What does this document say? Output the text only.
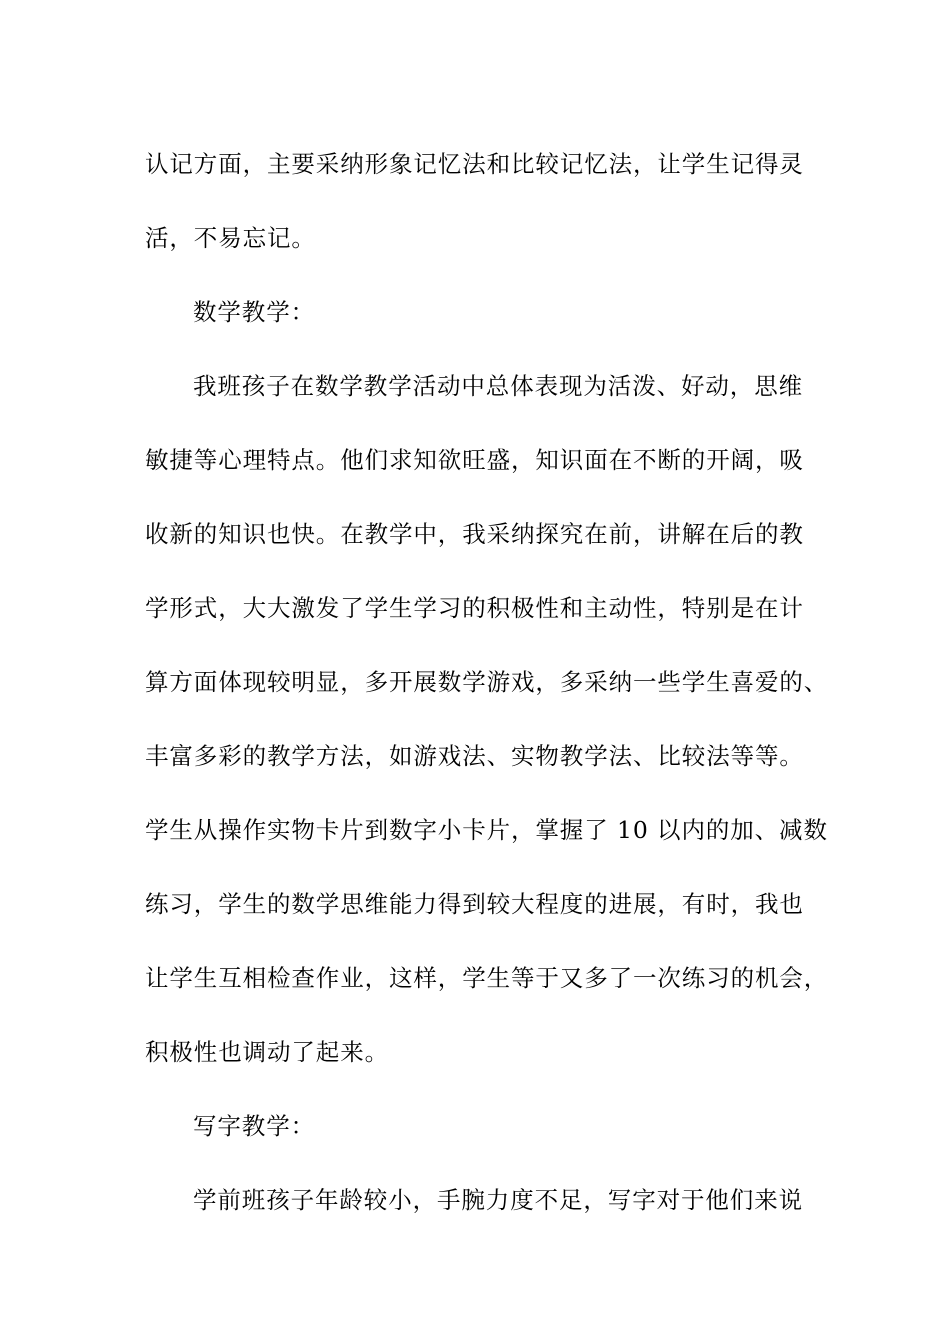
认记方面，主要采纳形象记忆法和比较记忆法，让学生记得灵
活，不易忘记。
数学教学：
我班孩子在数学教学活动中总体表现为活泼、好动，思维
敏捷等心理特点。他们求知欲旺盛，知识面在不断的开阔，吸
收新的知识也快。在教学中，我采纳探究在前，讲解在后的教
学形式，大大激发了学生学习的积极性和主动性，特别是在计
算方面体现较明显，多开展数学游戏，多采纳一些学生喜爱的、
丰富多彩的教学方法，如游戏法、实物教学法、比较法等等。
学生从操作实物卡片到数字小卡片，掌握了 10 以内的加、减数
练习，学生的数学思维能力得到较大程度的进展，有时，我也
让学生互相检查作业，这样，学生等于又多了一次练习的机会，
积极性也调动了起来。
写字教学：
学前班孩子年龄较小，手腕力度不足，写字对于他们来说
